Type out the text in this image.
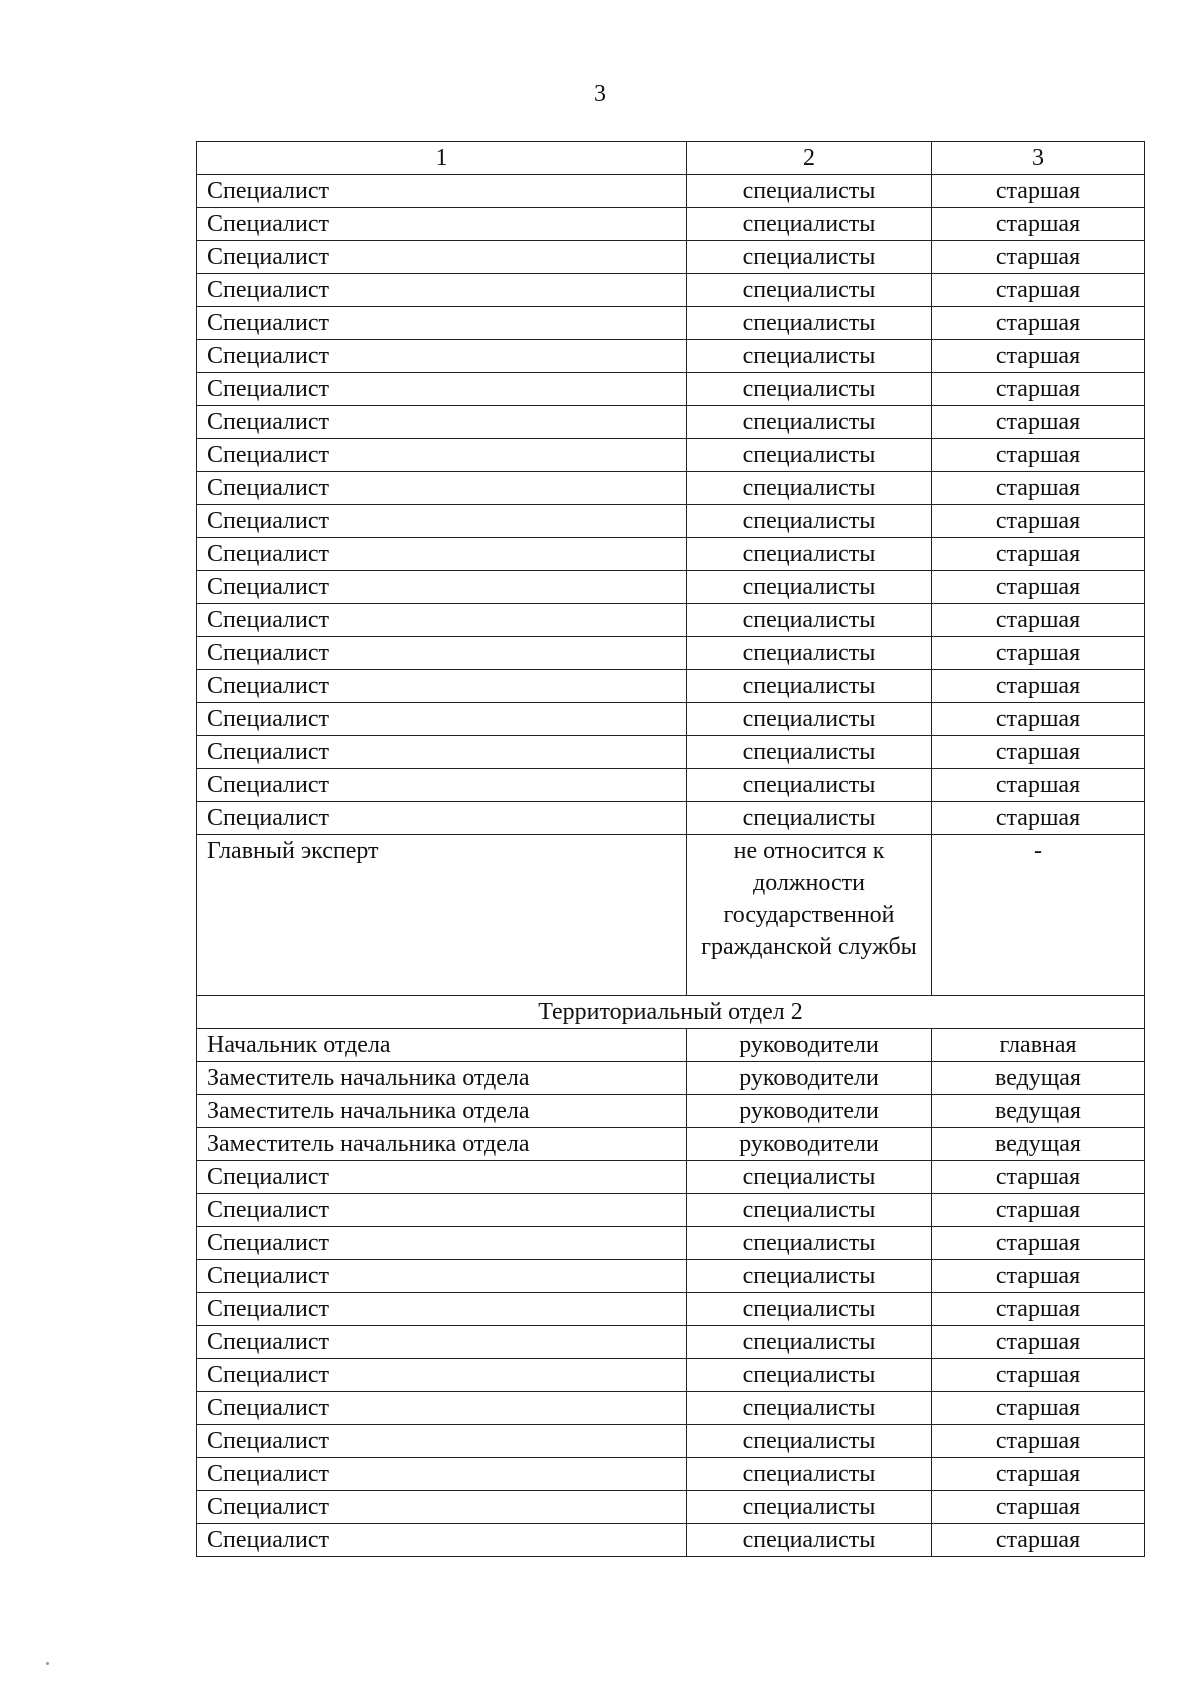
3
1	2	3
Специалист	специалисты	старшая
Специалист	специалисты	старшая
Специалист	специалисты	старшая
Специалист	специалисты	старшая
Специалист	специалисты	старшая
Специалист	специалисты	старшая
Специалист	специалисты	старшая
Специалист	специалисты	старшая
Специалист	специалисты	старшая
Специалист	специалисты	старшая
Специалист	специалисты	старшая
Специалист	специалисты	старшая
Специалист	специалисты	старшая
Специалист	специалисты	старшая
Специалист	специалисты	старшая
Специалист	специалисты	старшая
Специалист	специалисты	старшая
Специалист	специалисты	старшая
Специалист	специалисты	старшая
Специалист	специалисты	старшая
Главный эксперт	не относится к должности государственной гражданской службы	-
Территориальный отдел 2		
Начальник отдела	руководители	главная
Заместитель начальника отдела	руководители	ведущая
Заместитель начальника отдела	руководители	ведущая
Заместитель начальника отдела	руководители	ведущая
Специалист	специалисты	старшая
Специалист	специалисты	старшая
Специалист	специалисты	старшая
Специалист	специалисты	старшая
Специалист	специалисты	старшая
Специалист	специалисты	старшая
Специалист	специалисты	старшая
Специалист	специалисты	старшая
Специалист	специалисты	старшая
Специалист	специалисты	старшая
Специалист	специалисты	старшая
Специалист	специалисты	старшая
